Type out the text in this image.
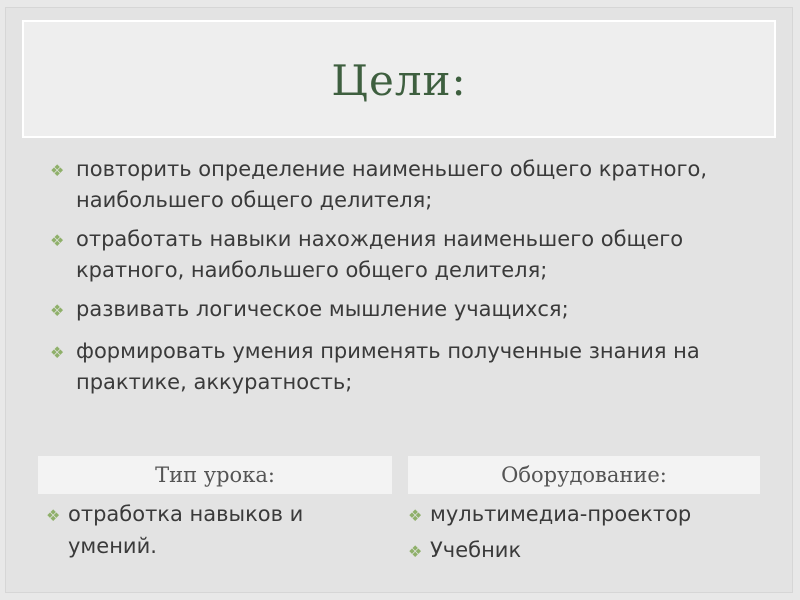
Цели:
❖ повторить определение наименьшего общего кратного, наибольшего общего делителя;
❖ отработать навыки нахождения наименьшего общего кратного, наибольшего общего делителя;
❖ развивать логическое мышление учащихся;
❖ формировать умения применять полученные знания на практике, аккуратность;
Тип урока:	Оборудование:
❖ отработка навыков и умений.
❖ мультимедиа-проектор
❖ Учебник
